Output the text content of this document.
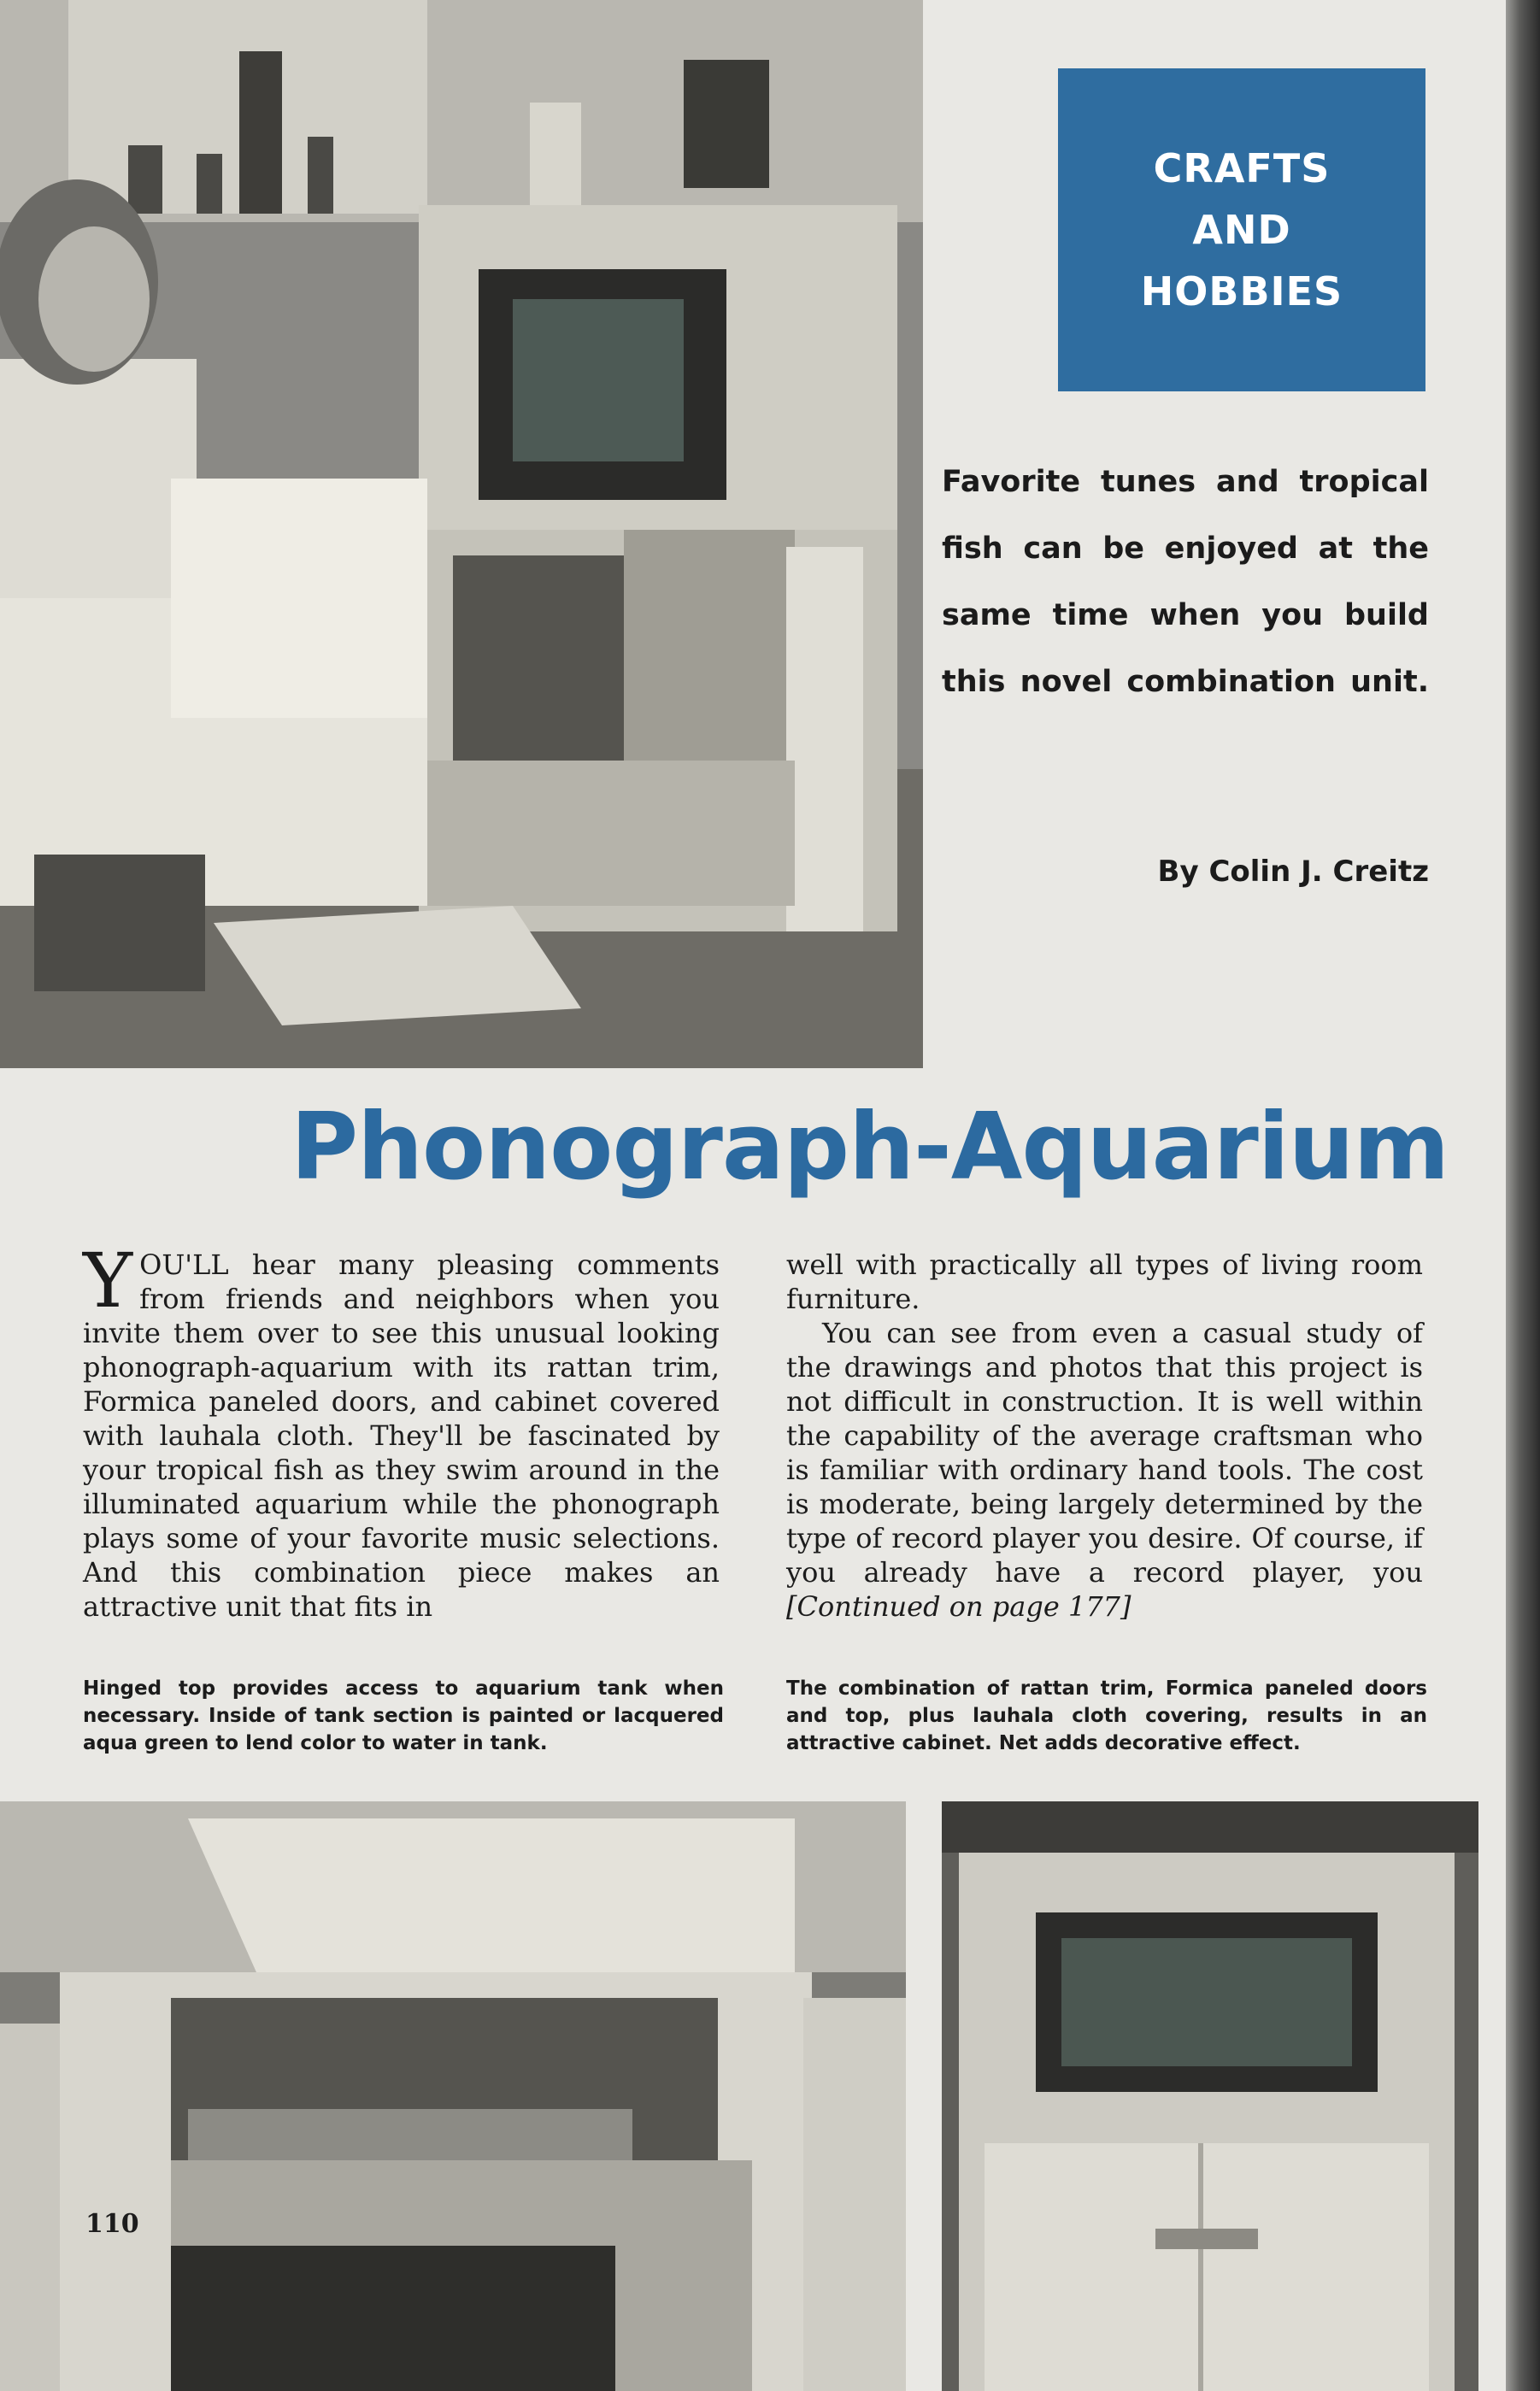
CRAFTS
AND
HOBBIES
Favorite tunes and tropical
fish can be enjoyed at the
same time when you build
this novel combination unit.
By Colin J. Creitz
Phonograph-Aquarium

YOU'LL hear many pleasing comments from friends and neighbors when you invite them over to see this unusual looking phonograph-aquarium with its rattan trim, Formica paneled doors, and cabinet covered with lauhala cloth. They'll be fascinated by your tropical fish as they swim around in the illuminated aquarium while the phonograph plays some of your favorite music selections. And this combination piece makes an attractive unit that fits in

well with practically all types of living room furniture.

You can see from even a casual study of the drawings and photos that this project is not difficult in construction. It is well within the capability of the average craftsman who is familiar with ordinary hand tools. The cost is moderate, being largely determined by the type of record player you desire. Of course, if you already have a record player, you [Continued on page 177]

Hinged top provides access to aquarium tank when necessary. Inside of tank section is painted or lacquered aqua green to lend color to water in tank.
The combination of rattan trim, Formica paneled doors and top, plus lauhala cloth covering, results in an attractive cabinet. Net adds decorative effect.
110
